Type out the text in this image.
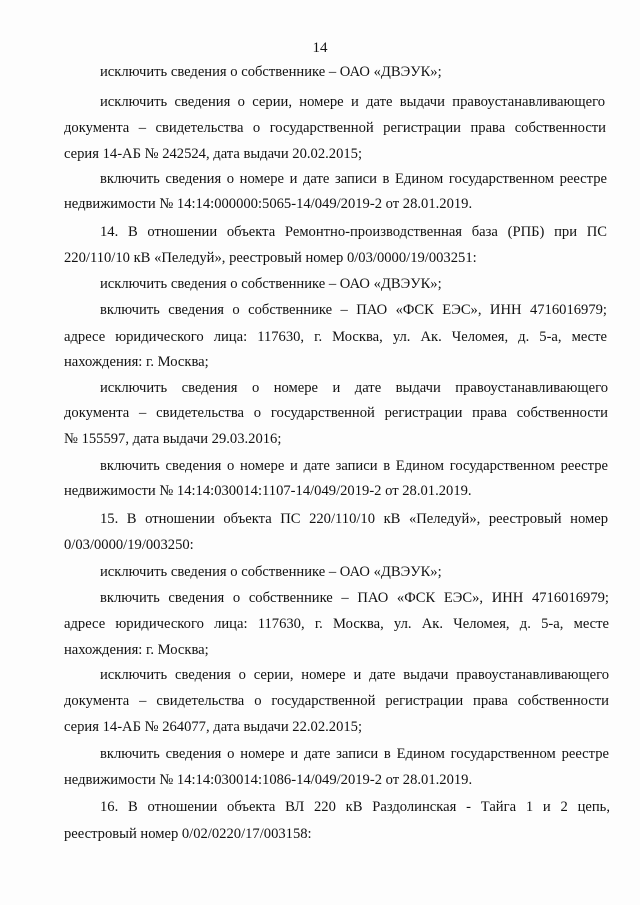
14
исключить сведения о собственнике – ОАО «ДВЭУК»;
исключить сведения о серии, номере и дате выдачи правоустанавливающего
документа – свидетельства о государственной регистрации права собственности
серия 14-АБ № 242524, дата выдачи 20.02.2015;
включить сведения о номере и дате записи в Едином государственном реестре
недвижимости № 14:14:000000:5065-14/049/2019-2 от 28.01.2019.
14. В отношении объекта Ремонтно-производственная база (РПБ) при ПС
220/110/10 кВ «Пеледуй», реестровый номер 0/03/0000/19/003251:
исключить сведения о собственнике – ОАО «ДВЭУК»;
включить сведения о собственнике – ПАО «ФСК ЕЭС», ИНН 4716016979;
адресе юридического лица: 117630, г. Москва, ул. Ак. Челомея, д. 5-а, месте
нахождения: г. Москва;
исключить сведения о номере и дате выдачи правоустанавливающего
документа – свидетельства о государственной регистрации права собственности
№ 155597, дата выдачи 29.03.2016;
включить сведения о номере и дате записи в Едином государственном реестре
недвижимости № 14:14:030014:1107-14/049/2019-2 от 28.01.2019.
15. В отношении объекта ПС 220/110/10 кВ «Пеледуй», реестровый номер
0/03/0000/19/003250:
исключить сведения о собственнике – ОАО «ДВЭУК»;
включить сведения о собственнике – ПАО «ФСК ЕЭС», ИНН 4716016979;
адресе юридического лица: 117630, г. Москва, ул. Ак. Челомея, д. 5-а, месте
нахождения: г. Москва;
исключить сведения о серии, номере и дате выдачи правоустанавливающего
документа – свидетельства о государственной регистрации права собственности
серия 14-АБ № 264077, дата выдачи 22.02.2015;
включить сведения о номере и дате записи в Едином государственном реестре
недвижимости № 14:14:030014:1086-14/049/2019-2 от 28.01.2019.
16. В отношении объекта ВЛ 220 кВ Раздолинская - Тайга 1 и 2 цепь,
реестровый номер 0/02/0220/17/003158:
